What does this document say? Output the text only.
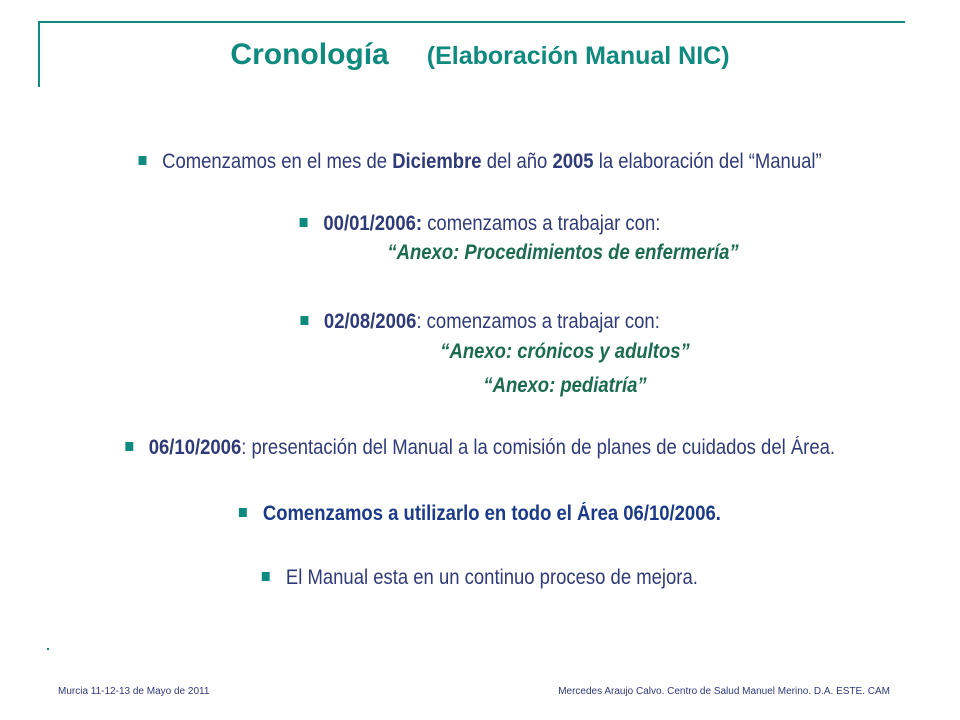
Cronología (Elaboración Manual NIC)
Comenzamos en el mes de Diciembre del año 2005 la elaboración del “Manual”
00/01/2006: comenzamos a trabajar con:
“Anexo: Procedimientos de enfermería”
02/08/2006: comenzamos a trabajar con:
“Anexo: crónicos y adultos”
“Anexo: pediatría”
06/10/2006: presentación del Manual a la comisión de planes de cuidados del Área.
Comenzamos a utilizarlo en todo el Área 06/10/2006.
El Manual esta en un continuo proceso de mejora.
Murcia 11-12-13 de Mayo de 2011	Mercedes Araujo Calvo. Centro de Salud Manuel Merino. D.A. ESTE. CAM
